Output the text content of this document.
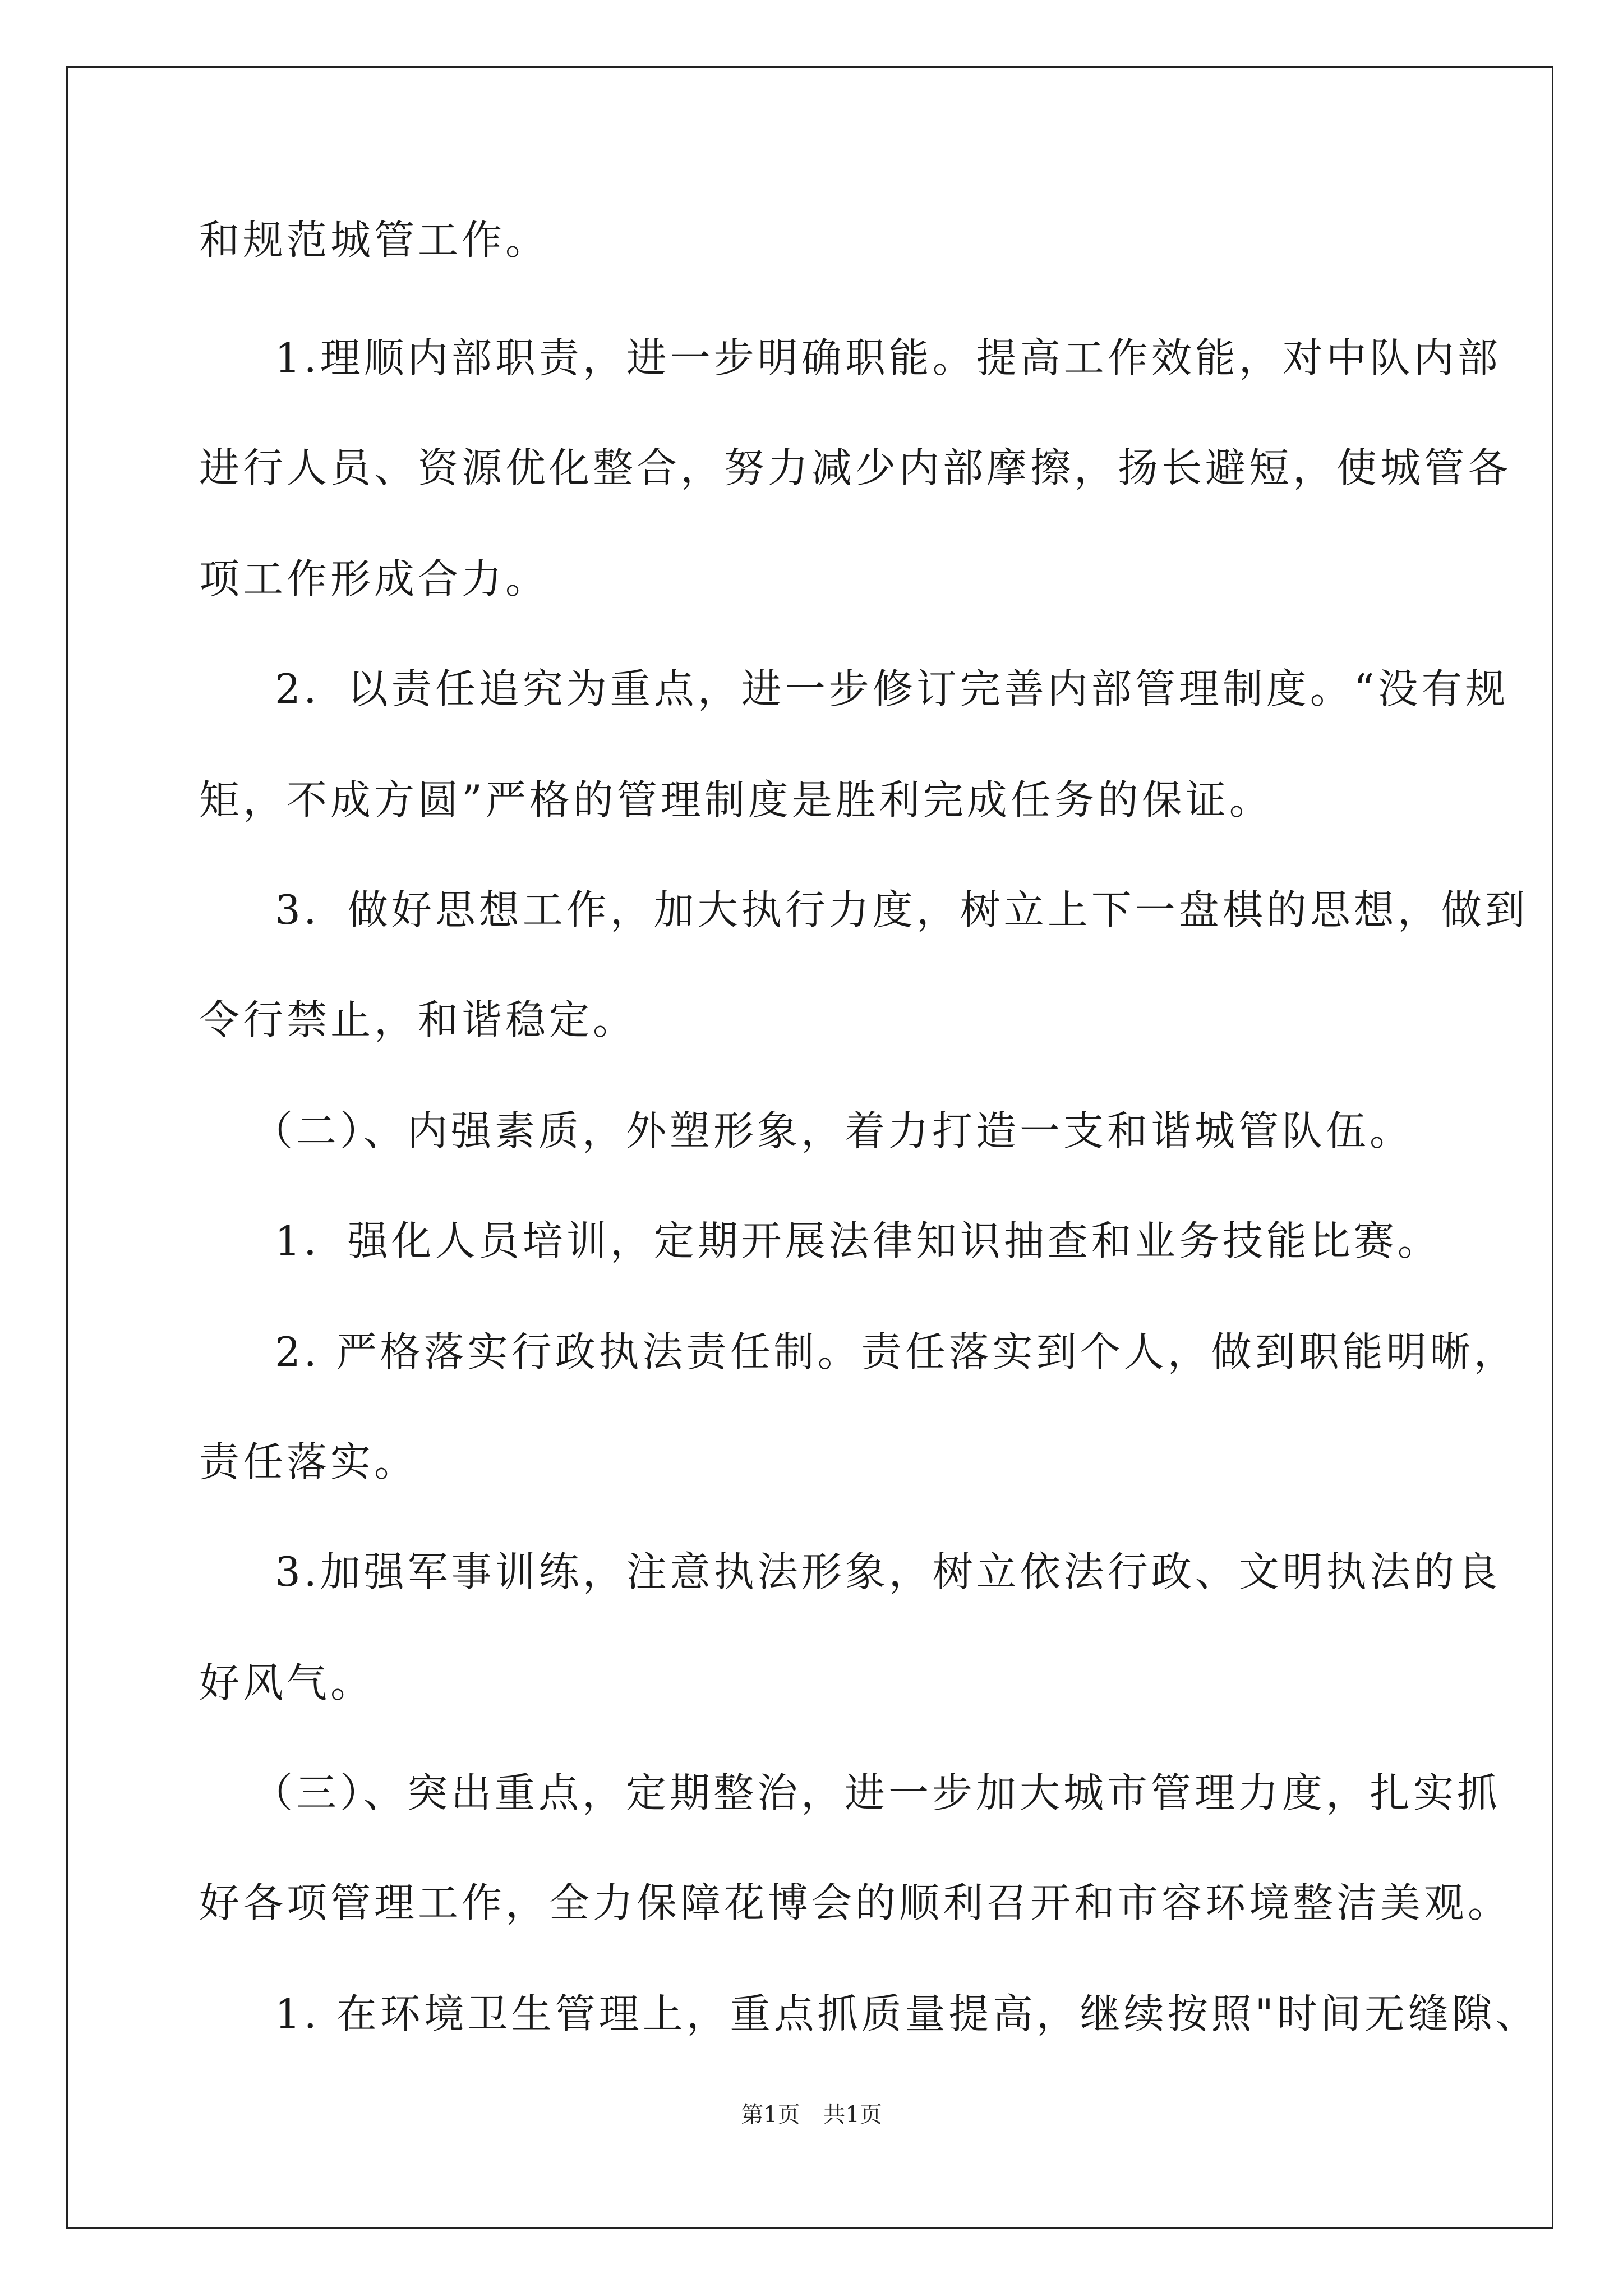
和规范城管工作。
1.理顺内部职责，进一步明确职能。提高工作效能，对中队内部
进行人员、资源优化整合，努力减少内部摩擦，扬长避短，使城管各
项工作形成合力。
2．以责任追究为重点，进一步修订完善内部管理制度。“没有规
矩，不成方圆”严格的管理制度是胜利完成任务的保证。
3．做好思想工作，加大执行力度，树立上下一盘棋的思想，做到
令行禁止，和谐稳定。
（二）、内强素质，外塑形象，着力打造一支和谐城管队伍。
1．强化人员培训，定期开展法律知识抽查和业务技能比赛。
2. 严格落实行政执法责任制。责任落实到个人，做到职能明晰，
责任落实。
3.加强军事训练，注意执法形象，树立依法行政、文明执法的良
好风气。
（三）、突出重点，定期整治，进一步加大城市管理力度，扎实抓
好各项管理工作，全力保障花博会的顺利召开和市容环境整洁美观。
1. 在环境卫生管理上，重点抓质量提高，继续按照"时间无缝隙、
第1页 共1页
